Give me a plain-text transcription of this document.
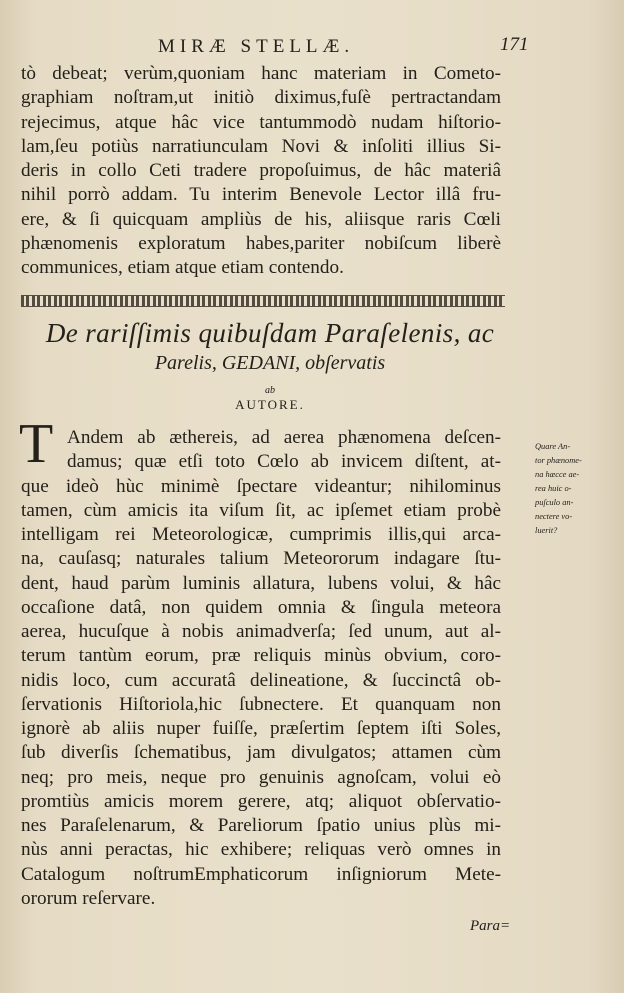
MIRÆ STELLÆ.	171
tò debeat; verùm,quoniam hanc materiam in Cometo-
graphiam noſtram,ut initiò diximus,fuſè pertractandam
rejecimus, atque hâc vice tantummodò nudam hiſtorio-
lam,ſeu potiùs narratiunculam Novi & inſoliti illius Si-
deris in collo Ceti tradere propoſuimus, de hâc materiâ
nihil porrò addam. Tu interim Benevole Lector illâ fru-
ere, & ſi quicquam ampliùs de his, aliisque raris Cœli
phænomenis exploratum habes,pariter nobiſcum liberè
communices, etiam atque etiam contendo.
De rariſſimis quibuſdam Paraſelenis, ac
Parelis, GEDANI, obſervatis
ab
AUTORE.
T Andem ab æthereis, ad aerea phænomena deſcen-
damus; quæ etſi toto Cœlo ab invicem diſtent, at-
que ideò hùc minimè ſpectare videantur; nihilominus
tamen, cùm amicis ita viſum ſit, ac ipſemet etiam probè
intelligam rei Meteorologicæ, cumprimis illis,qui arca-
na, cauſasq; naturales talium Meteororum indagare ſtu-
dent, haud parùm luminis allatura, lubens volui, & hâc
occaſione datâ, non quidem omnia & ſingula meteora
aerea, hucuſque à nobis animadverſa; ſed unum, aut al-
terum tantùm eorum, præ reliquis minùs obvium, coro-
nidis loco, cum accuratâ delineatione, & ſuccinctâ ob-
ſervationis Hiſtoriola,hic ſubnectere. Et quanquam non
ignorè ab aliis nuper fuiſſe, præſertim ſeptem iſti Soles,
ſub diverſis ſchematibus, jam divulgatos; attamen cùm
neq; pro meis, neque pro genuinis agnoſcam, volui eò
promtiùs amicis morem gerere, atq; aliquot obſervatio-
nes Paraſelenarum, & Pareliorum ſpatio unius plùs mi-
nùs anni peractas, hic exhibere; reliquas verò omnes in
Catalogum noſtrumEmphaticorum inſigniorum Mete-
ororum reſervare.
Quare An-
tor phænome-
na hæcce ae-
rea huic o-
puſculo an-
nectere vo-
luerit?
Para=
